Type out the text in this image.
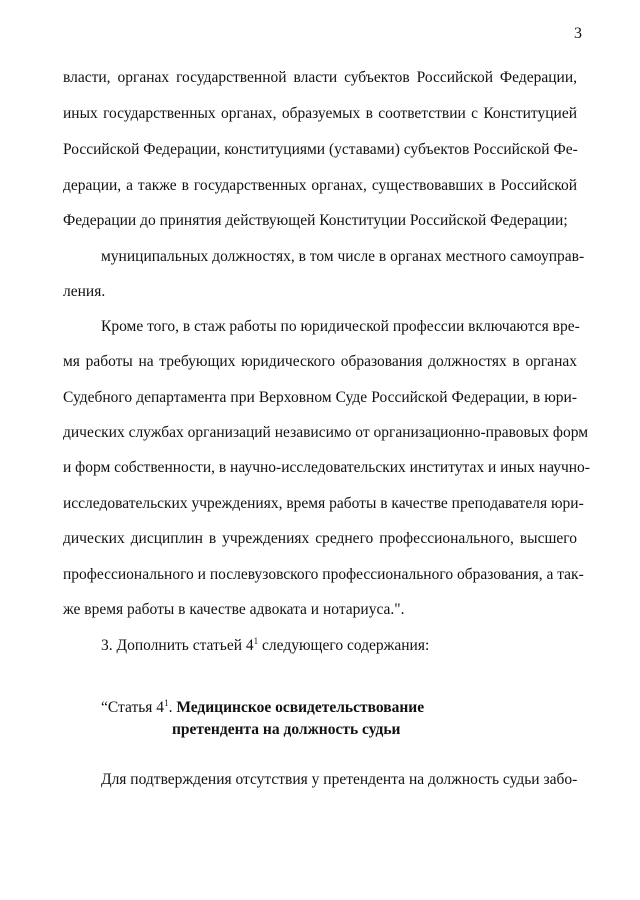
3
власти, органах государственной власти субъектов Российской Федерации,
иных государственных органах, образуемых в соответствии с Конституцией
Российской Федерации, конституциями (уставами) субъектов Российской Фе-
дерации, а также в государственных органах, существовавших в Российской
Федерации до принятия действующей Конституции Российской Федерации;
муниципальных должностях, в том числе в органах местного самоуправ-
ления.
Кроме того, в стаж работы по юридической профессии включаются вре-
мя работы на требующих юридического образования должностях в органах
Судебного департамента при Верховном Суде Российской Федерации, в юри-
дических службах организаций независимо от организационно-правовых форм
и форм собственности, в научно-исследовательских институтах и иных научно-
исследовательских учреждениях, время работы в качестве преподавателя юри-
дических дисциплин в учреждениях среднего профессионального, высшего
профессионального и послевузовского профессионального образования, а так-
же время работы в качестве адвоката и нотариуса.".
3. Дополнить статьей $4^1$ следующего содержания:
“Статья $4^1$. Медицинское освидетельствование
претендента на должность судьи
Для подтверждения отсутствия у претендента на должность судьи забо-
